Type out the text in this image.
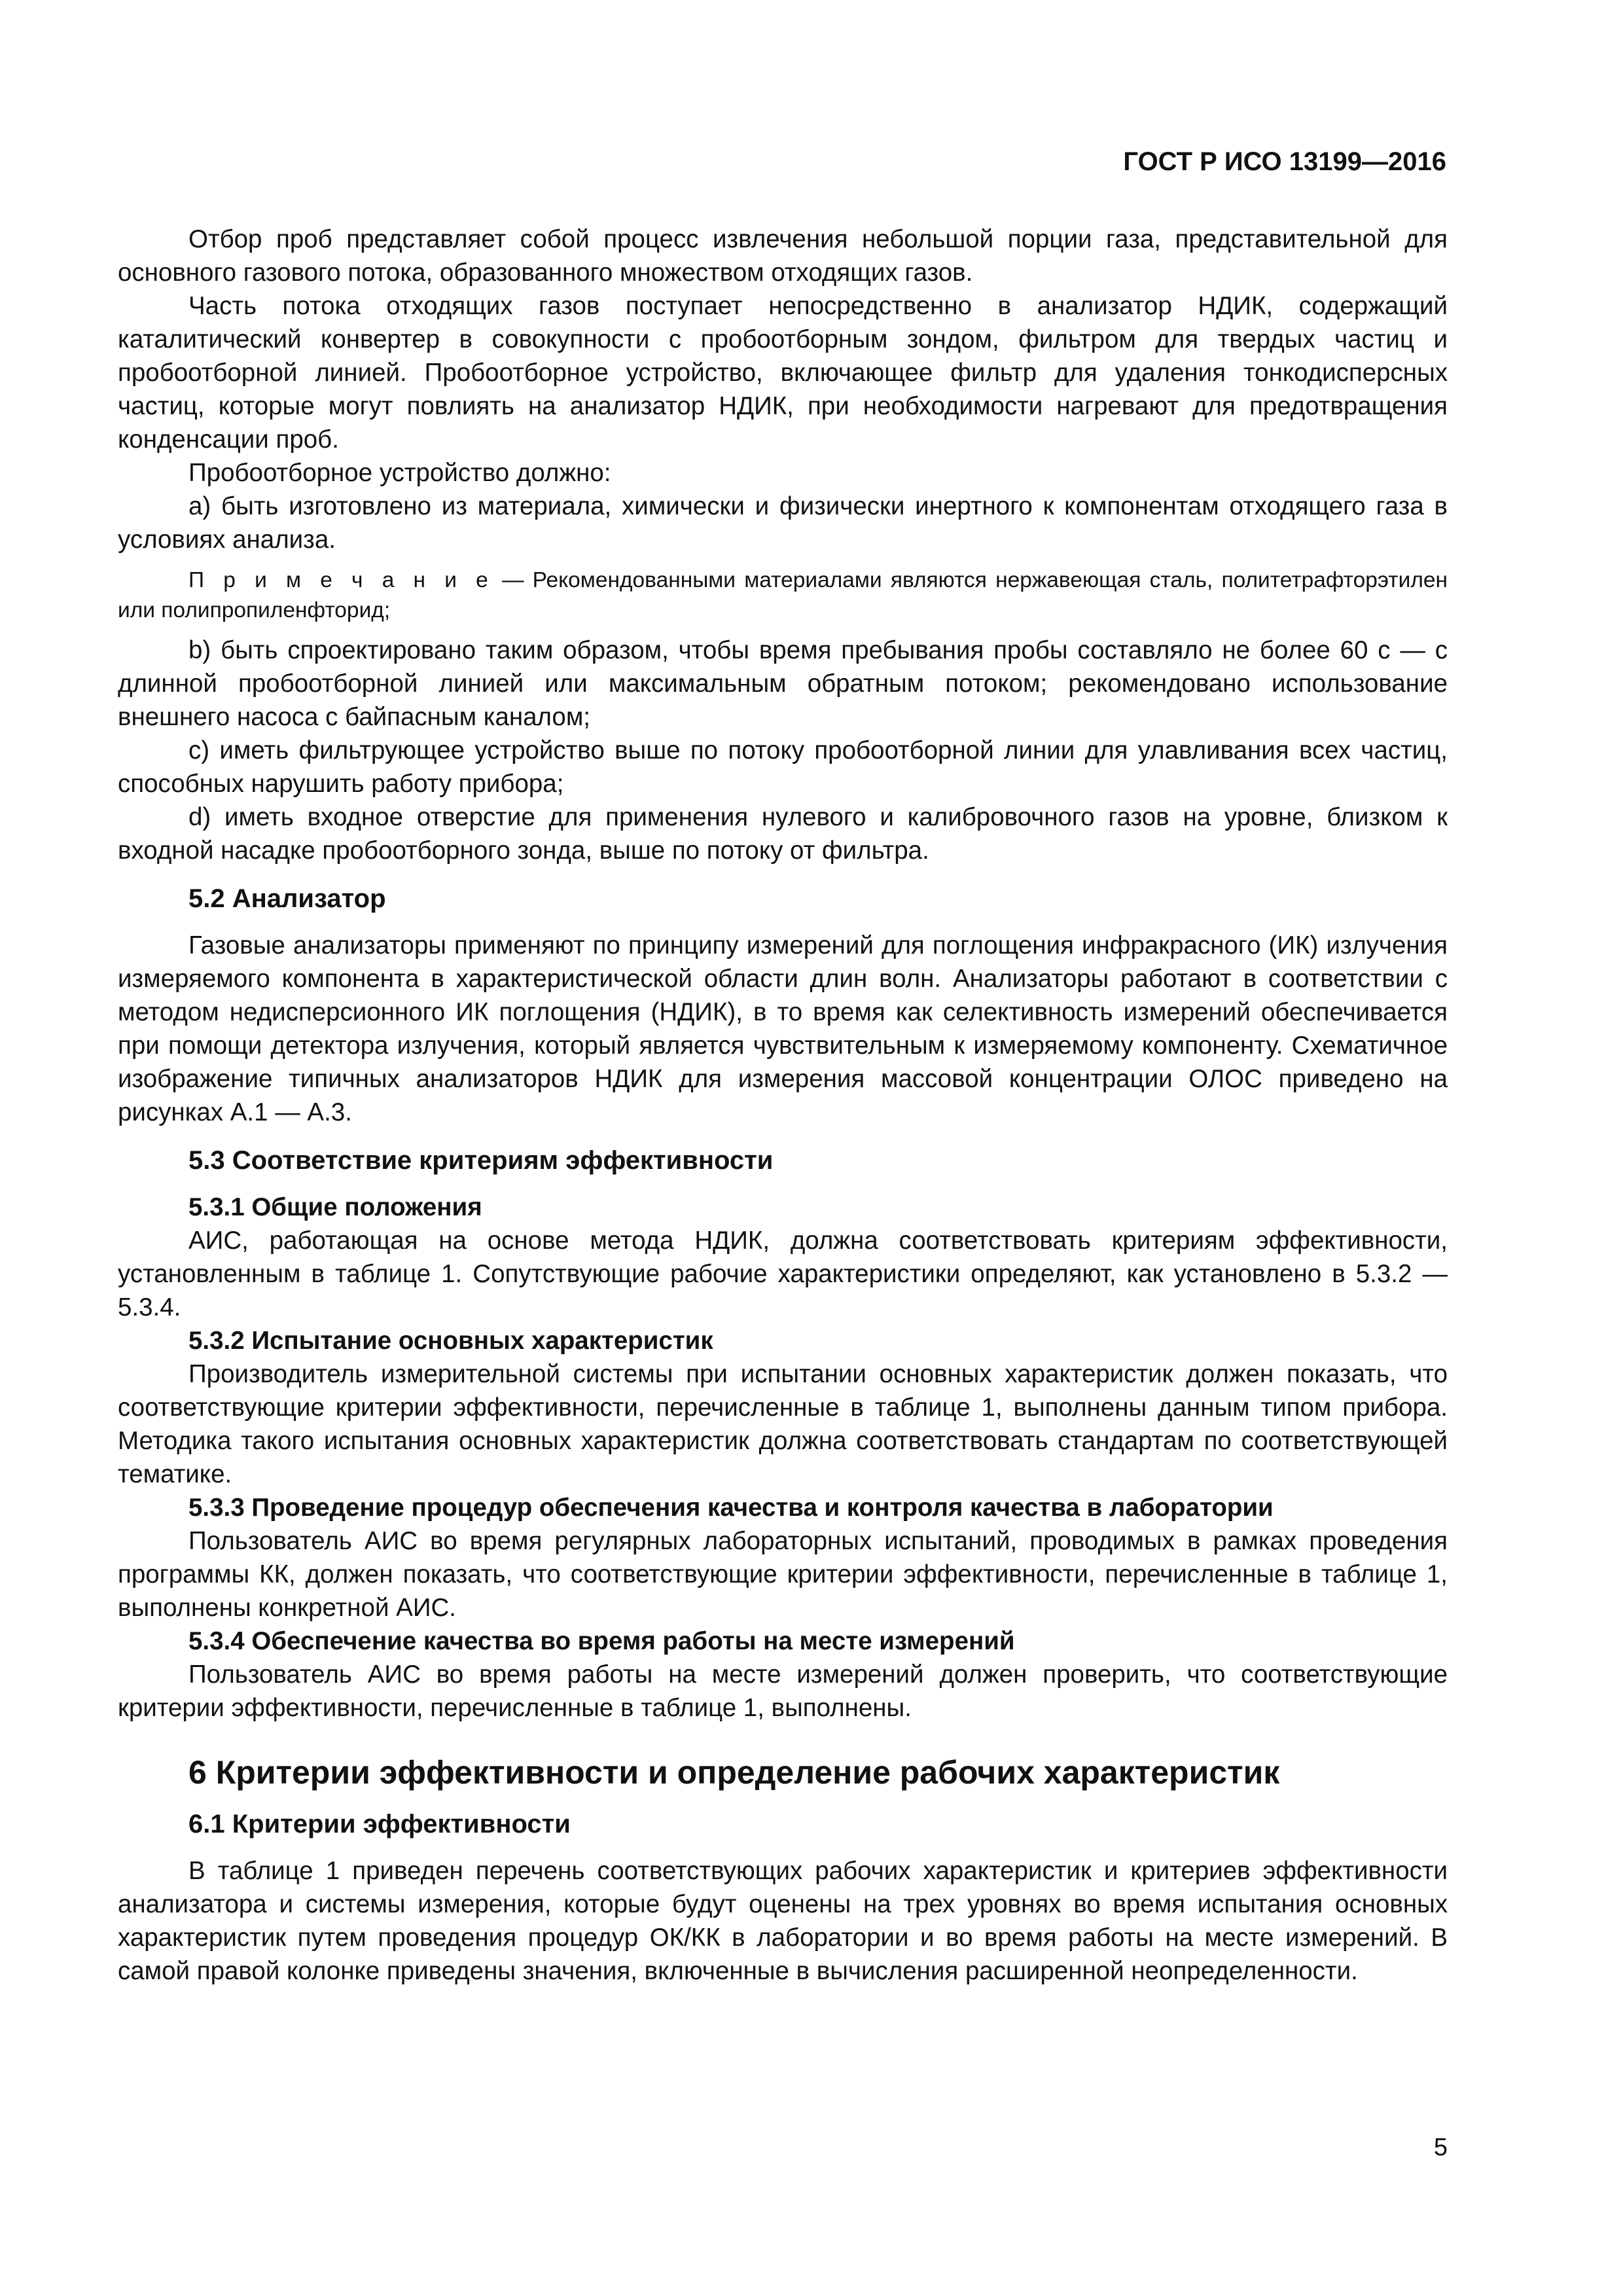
ГОСТ Р ИСО 13199—2016

Отбор проб представляет собой процесс извлечения небольшой порции газа, представительной для основного газового потока, образованного множеством отходящих газов.

Часть потока отходящих газов поступает непосредственно в анализатор НДИК, содержащий каталитический конвертер в совокупности с пробоотборным зондом, фильтром для твердых частиц и пробоотборной линией. Пробоотборное устройство, включающее фильтр для удаления тонкодисперсных частиц, которые могут повлиять на анализатор НДИК, при необходимости нагревают для предотвращения конденсации проб.

Пробоотборное устройство должно:

a) быть изготовлено из материала, химически и физически инертного к компонентам отходящего газа в условиях анализа.

П р и м е ч а н и е — Рекомендованными материалами являются нержавеющая сталь, политетрафторэтилен или полипропиленфторид;

b) быть спроектировано таким образом, чтобы время пребывания пробы составляло не более 60 с — с длинной пробоотборной линией или максимальным обратным потоком; рекомендовано использование внешнего насоса с байпасным каналом;

c) иметь фильтрующее устройство выше по потоку пробоотборной линии для улавливания всех частиц, способных нарушить работу прибора;

d) иметь входное отверстие для применения нулевого и калибровочного газов на уровне, близком к входной насадке пробоотборного зонда, выше по потоку от фильтра.

5.2 Анализатор

Газовые анализаторы применяют по принципу измерений для поглощения инфракрасного (ИК) излучения измеряемого компонента в характеристической области длин волн. Анализаторы работают в соответствии с методом недисперсионного ИК поглощения (НДИК), в то время как селективность измерений обеспечивается при помощи детектора излучения, который является чувствительным к измеряемому компоненту. Схематичное изображение типичных анализаторов НДИК для измерения массовой концентрации ОЛОС приведено на рисунках А.1 — А.3.

5.3 Соответствие критериям эффективности
5.3.1 Общие положения

АИС, работающая на основе метода НДИК, должна соответствовать критериям эффективности, установленным в таблице 1. Сопутствующие рабочие характеристики определяют, как установлено в 5.3.2 — 5.3.4.

5.3.2 Испытание основных характеристик

Производитель измерительной системы при испытании основных характеристик должен показать, что соответствующие критерии эффективности, перечисленные в таблице 1, выполнены данным типом прибора. Методика такого испытания основных характеристик должна соответствовать стандартам по соответствующей тематике.

5.3.3 Проведение процедур обеспечения качества и контроля качества в лаборатории

Пользователь АИС во время регулярных лабораторных испытаний, проводимых в рамках проведения программы КК, должен показать, что соответствующие критерии эффективности, перечисленные в таблице 1, выполнены конкретной АИС.

5.3.4 Обеспечение качества во время работы на месте измерений

Пользователь АИС во время работы на месте измерений должен проверить, что соответствующие критерии эффективности, перечисленные в таблице 1, выполнены.

6 Критерии эффективности и определение рабочих характеристик
6.1 Критерии эффективности

В таблице 1 приведен перечень соответствующих рабочих характеристик и критериев эффективности анализатора и системы измерения, которые будут оценены на трех уровнях во время испытания основных характеристик путем проведения процедур ОК/КК в лаборатории и во время работы на месте измерений. В самой правой колонке приведены значения, включенные в вычисления расширенной неопределенности.

5
